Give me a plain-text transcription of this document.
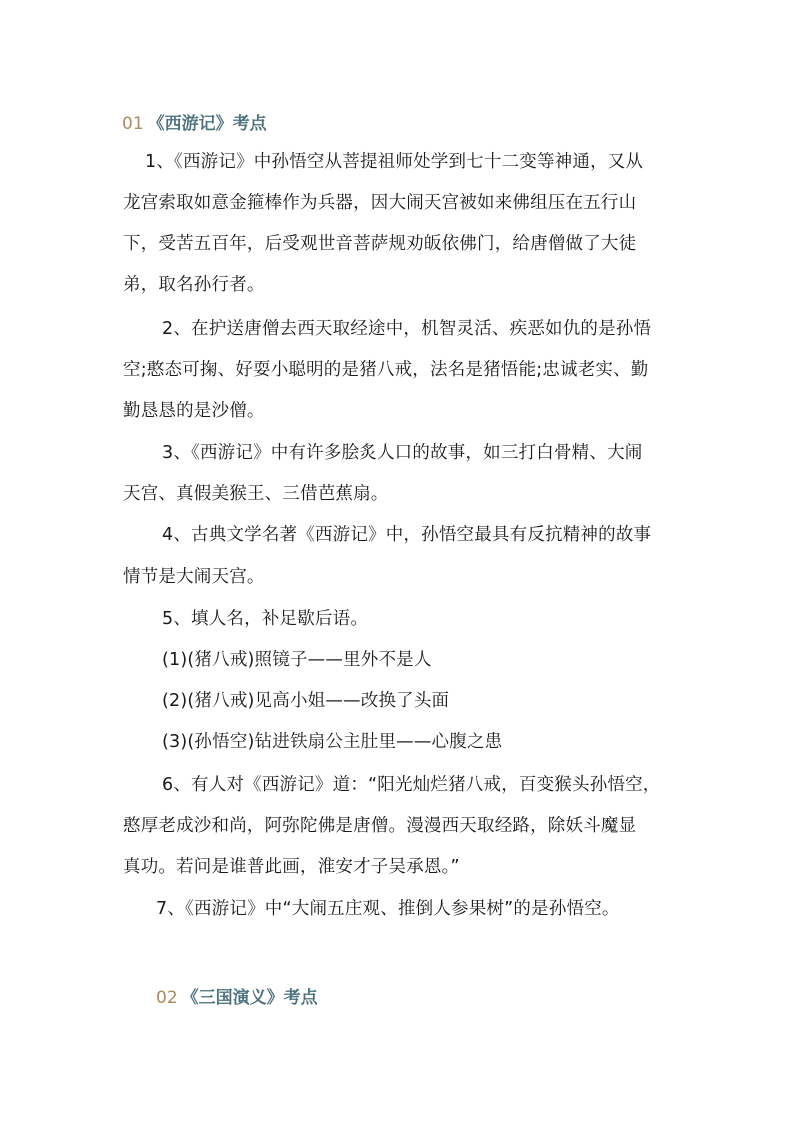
01 《西游记》考点
1、《西游记》中孙悟空从菩提祖师处学到七十二变等神通，又从
龙宫索取如意金箍棒作为兵器，因大闹天宫被如来佛组压在五行山
下，受苦五百年，后受观世音菩萨规劝皈依佛门，给唐僧做了大徒
弟，取名孙行者。
2、在护送唐僧去西天取经途中，机智灵活、疾恶如仇的是孙悟
空;憨态可掬、好耍小聪明的是猪八戒，法名是猪悟能;忠诚老实、勤
勤恳恳的是沙僧。
3、《西游记》中有许多脍炙人口的故事，如三打白骨精、大闹
天宫、真假美猴王、三借芭蕉扇。
4、古典文学名著《西游记》中，孙悟空最具有反抗精神的故事
情节是大闹天宫。
5、填人名，补足歇后语。
(1)(猪八戒)照镜子——里外不是人
(2)(猪八戒)见高小姐——改换了头面
(3)(孙悟空)钻进铁扇公主肚里——心腹之患
6、有人对《西游记》道：“阳光灿烂猪八戒，百变猴头孙悟空，
憨厚老成沙和尚，阿弥陀佛是唐僧。漫漫西天取经路，除妖斗魔显
真功。若问是谁普此画，淮安才子吴承恩。”
7、《西游记》中“大闹五庄观、推倒人参果树”的是孙悟空。
02 《三国演义》考点
